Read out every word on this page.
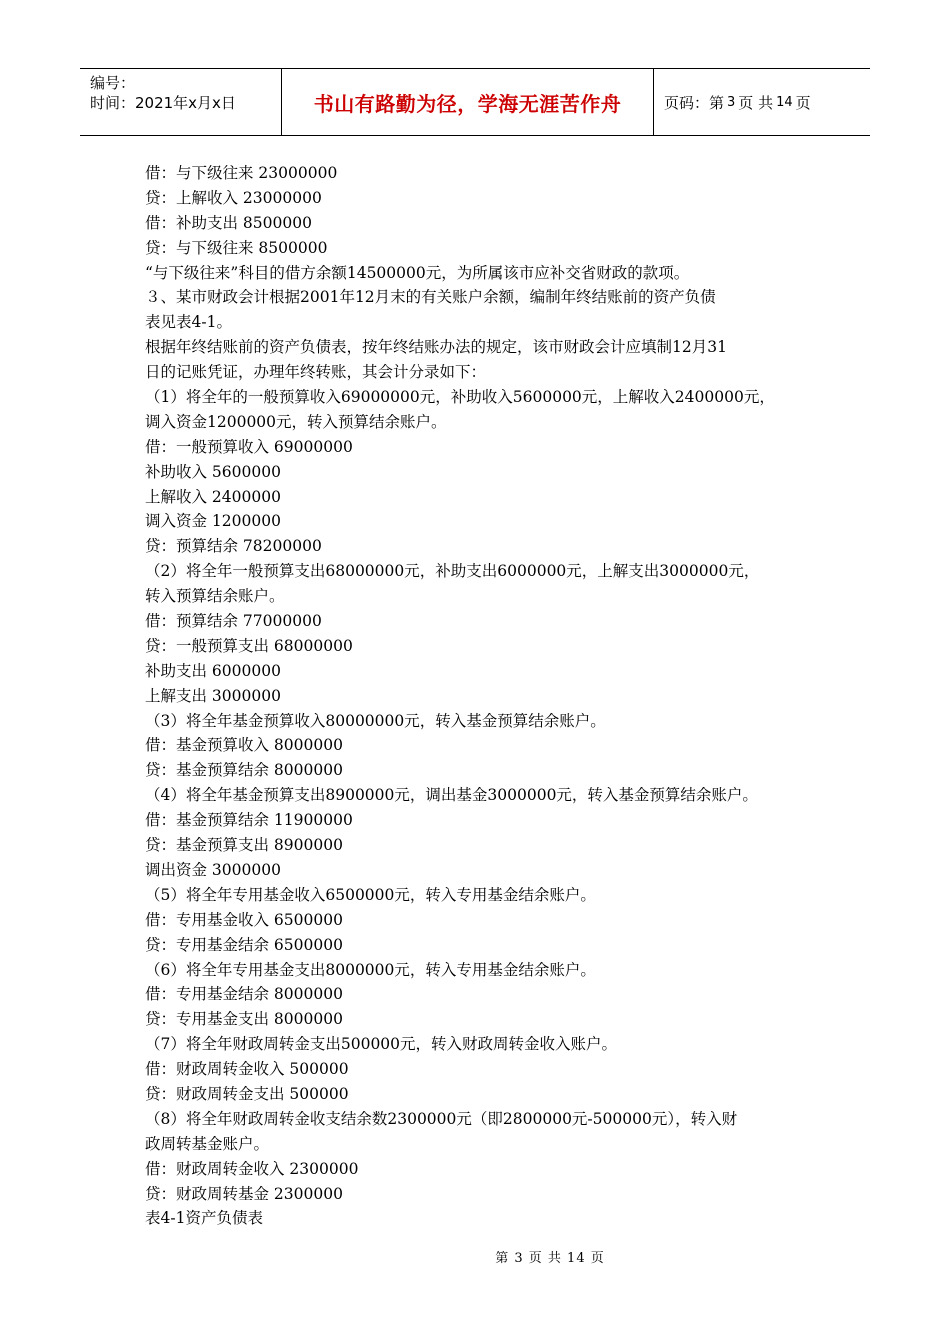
编号：
时间：2021年x月x日	书山有路勤为径，学海无涯苦作舟	页码：第 3 页 共 14 页
借：与下级往来 23000000
贷：上解收入 23000000
借：补助支出 8500000
贷：与下级往来 8500000
“与下级往来”科目的借方余额14500000元，为所属该市应补交省财政的款项。
３、某市财政会计根据2001年12月末的有关账户余额，编制年终结账前的资产负债
表见表4-1。
根据年终结账前的资产负债表，按年终结账办法的规定，该市财政会计应填制12月31
日的记账凭证，办理年终转账，其会计分录如下：
（1）将全年的一般预算收入69000000元，补助收入5600000元，上解收入2400000元，
调入资金1200000元，转入预算结余账户。
借：一般预算收入 69000000
补助收入 5600000
上解收入 2400000
调入资金 1200000
贷：预算结余 78200000
（2）将全年一般预算支出68000000元，补助支出6000000元，上解支出3000000元，
转入预算结余账户。
借：预算结余 77000000
贷：一般预算支出 68000000
补助支出 6000000
上解支出 3000000
（3）将全年基金预算收入80000000元，转入基金预算结余账户。
借：基金预算收入 8000000
贷：基金预算结余 8000000
（4）将全年基金预算支出8900000元，调出基金3000000元，转入基金预算结余账户。
借：基金预算结余 11900000
贷：基金预算支出 8900000
调出资金 3000000
（5）将全年专用基金收入6500000元，转入专用基金结余账户。
借：专用基金收入 6500000
贷：专用基金结余 6500000
（6）将全年专用基金支出8000000元，转入专用基金结余账户。
借：专用基金结余 8000000
贷：专用基金支出 8000000
（7）将全年财政周转金支出500000元，转入财政周转金收入账户。
借：财政周转金收入 500000
贷：财政周转金支出 500000
（8）将全年财政周转金收支结余数2300000元（即2800000元-500000元），转入财
政周转基金账户。
借：财政周转金收入 2300000
贷：财政周转基金 2300000
表4-1资产负债表
第 3 页 共 14 页
